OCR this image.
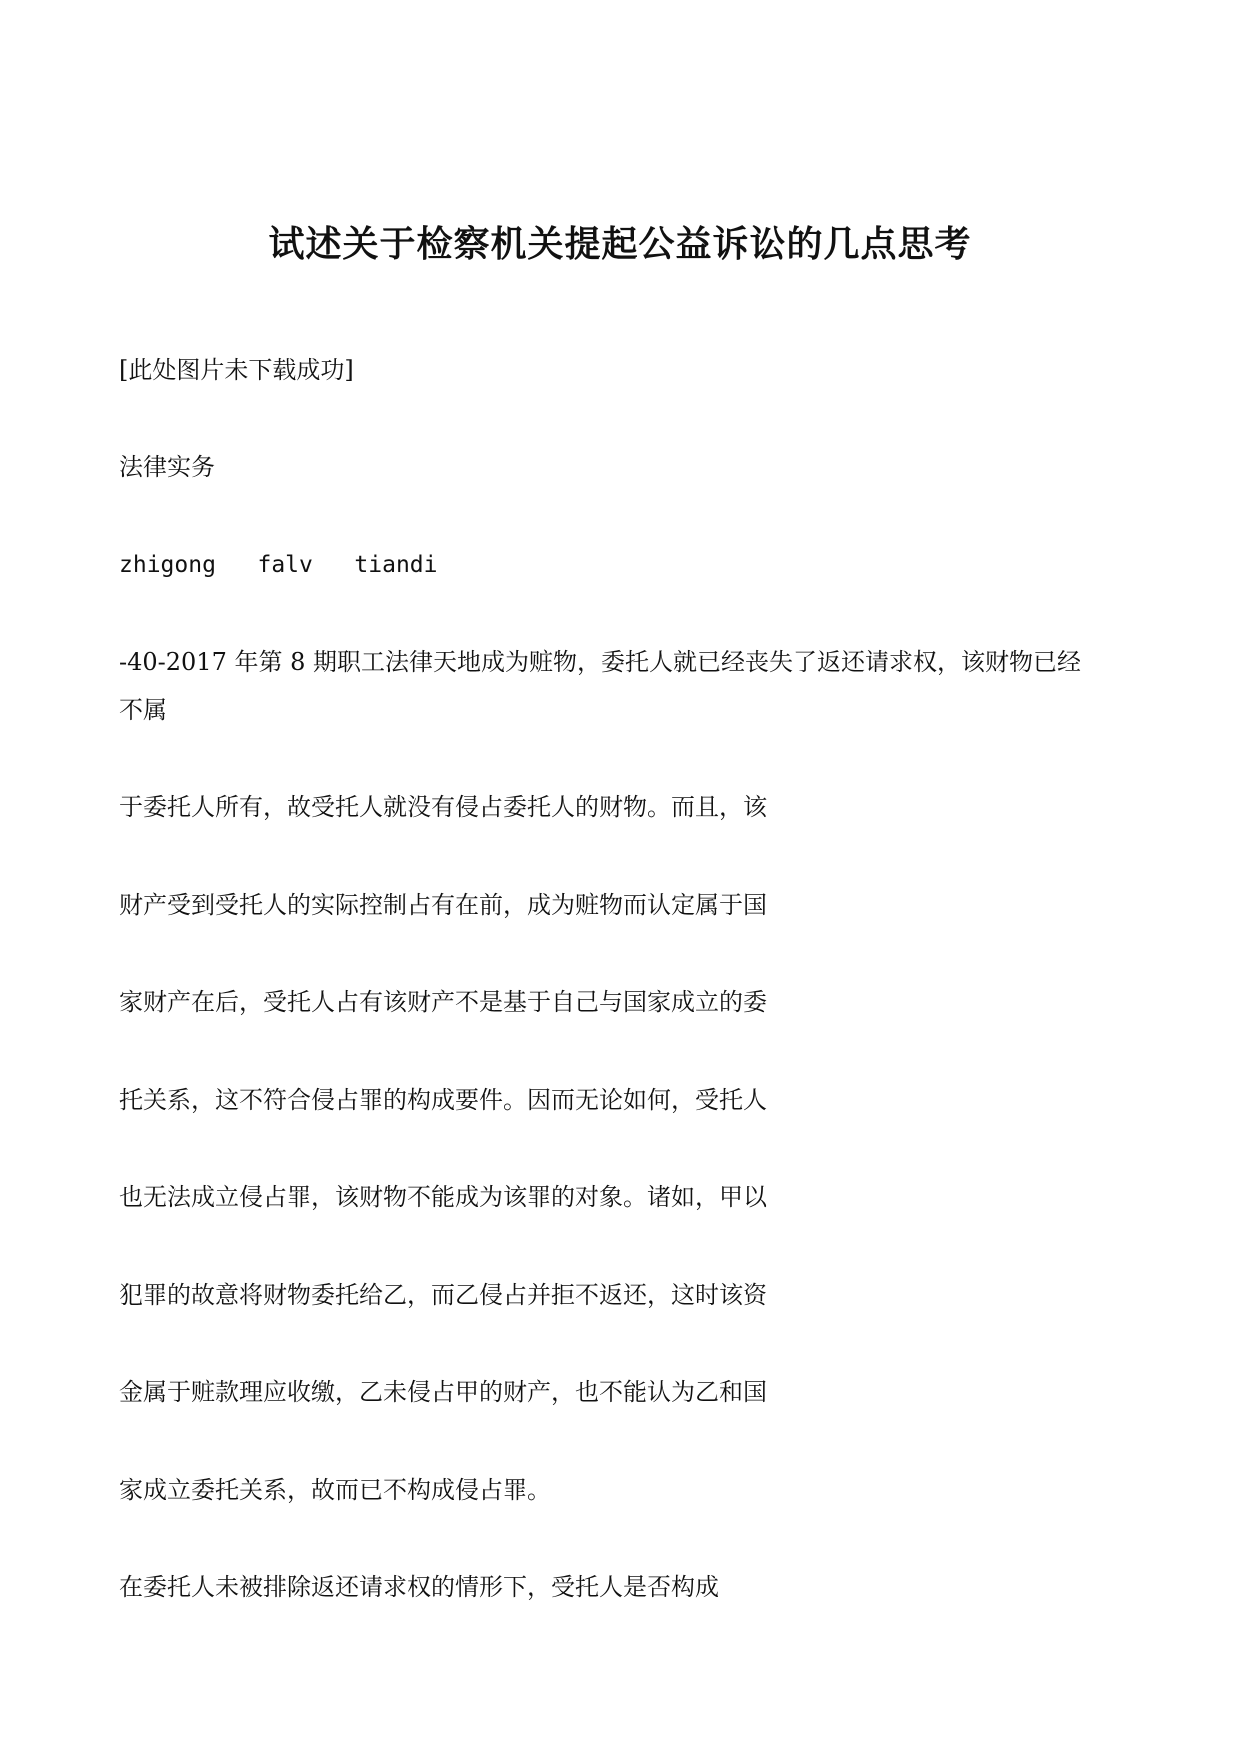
试述关于检察机关提起公益诉讼的几点思考
[此处图片未下载成功]
法律实务
zhigong   falv   tiandi
-40-2017 年第 8 期职工法律天地成为赃物，委托人就已经丧失了返还请求权，该财物已经
不属
于委托人所有，故受托人就没有侵占委托人的财物。而且，该
财产受到受托人的实际控制占有在前，成为赃物而认定属于国
家财产在后，受托人占有该财产不是基于自己与国家成立的委
托关系，这不符合侵占罪的构成要件。因而无论如何，受托人
也无法成立侵占罪，该财物不能成为该罪的对象。诸如，甲以
犯罪的故意将财物委托给乙，而乙侵占并拒不返还，这时该资
金属于赃款理应收缴，乙未侵占甲的财产，也不能认为乙和国
家成立委托关系，故而已不构成侵占罪。
在委托人未被排除返还请求权的情形下，受托人是否构成
